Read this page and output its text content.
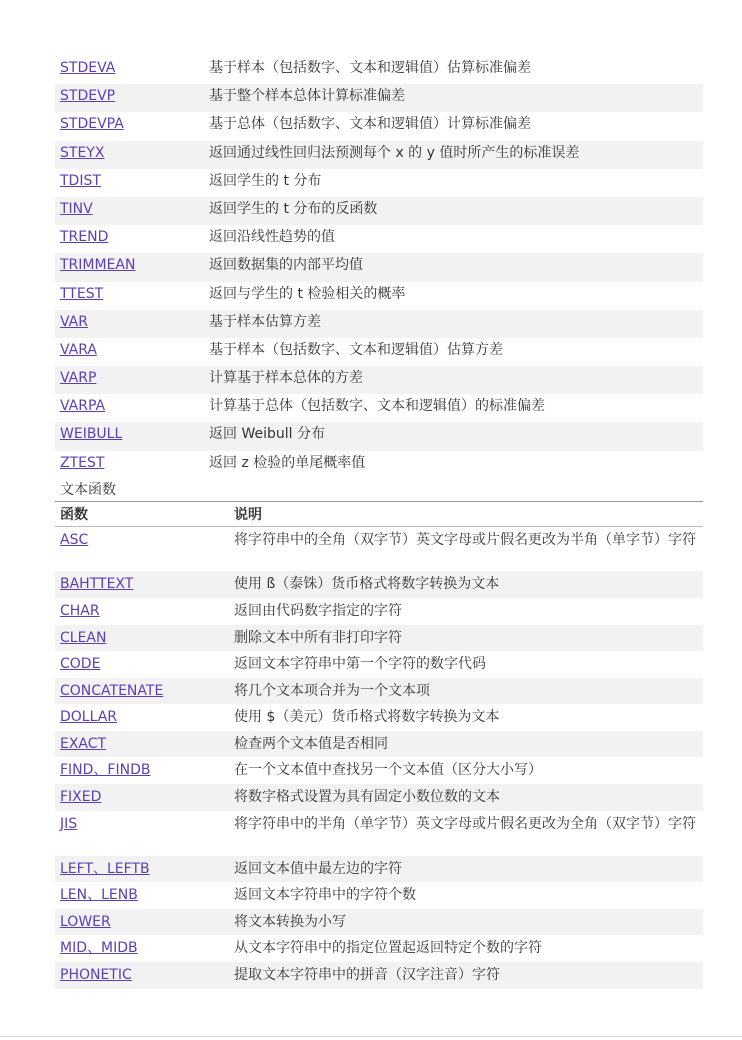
STDEVA	基于样本（包括数字、文本和逻辑值）估算标准偏差
STDEVP	基于整个样本总体计算标准偏差
STDEVPA	基于总体（包括数字、文本和逻辑值）计算标准偏差
STEYX	返回通过线性回归法预测每个 x 的 y 值时所产生的标准误差
TDIST	返回学生的 t 分布
TINV	返回学生的 t 分布的反函数
TREND	返回沿线性趋势的值
TRIMMEAN	返回数据集的内部平均值
TTEST	返回与学生的 t 检验相关的概率
VAR	基于样本估算方差
VARA	基于样本（包括数字、文本和逻辑值）估算方差
VARP	计算基于样本总体的方差
VARPA	计算基于总体（包括数字、文本和逻辑值）的标准偏差
WEIBULL	返回 Weibull 分布
ZTEST	返回 z 检验的单尾概率值
文本函数
函数	说明
ASC	将字符串中的全角（双字节）英文字母或片假名更改为半角（单字节）字符
BAHTTEXT	使用 ß（泰铢）货币格式将数字转换为文本
CHAR	返回由代码数字指定的字符
CLEAN	删除文本中所有非打印字符
CODE	返回文本字符串中第一个字符的数字代码
CONCATENATE	将几个文本项合并为一个文本项
DOLLAR	使用 $（美元）货币格式将数字转换为文本
EXACT	检查两个文本值是否相同
FIND、FINDB	在一个文本值中查找另一个文本值（区分大小写）
FIXED	将数字格式设置为具有固定小数位数的文本
JIS	将字符串中的半角（单字节）英文字母或片假名更改为全角（双字节）字符
LEFT、LEFTB	返回文本值中最左边的字符
LEN、LENB	返回文本字符串中的字符个数
LOWER	将文本转换为小写
MID、MIDB	从文本字符串中的指定位置起返回特定个数的字符
PHONETIC	提取文本字符串中的拼音（汉字注音）字符
